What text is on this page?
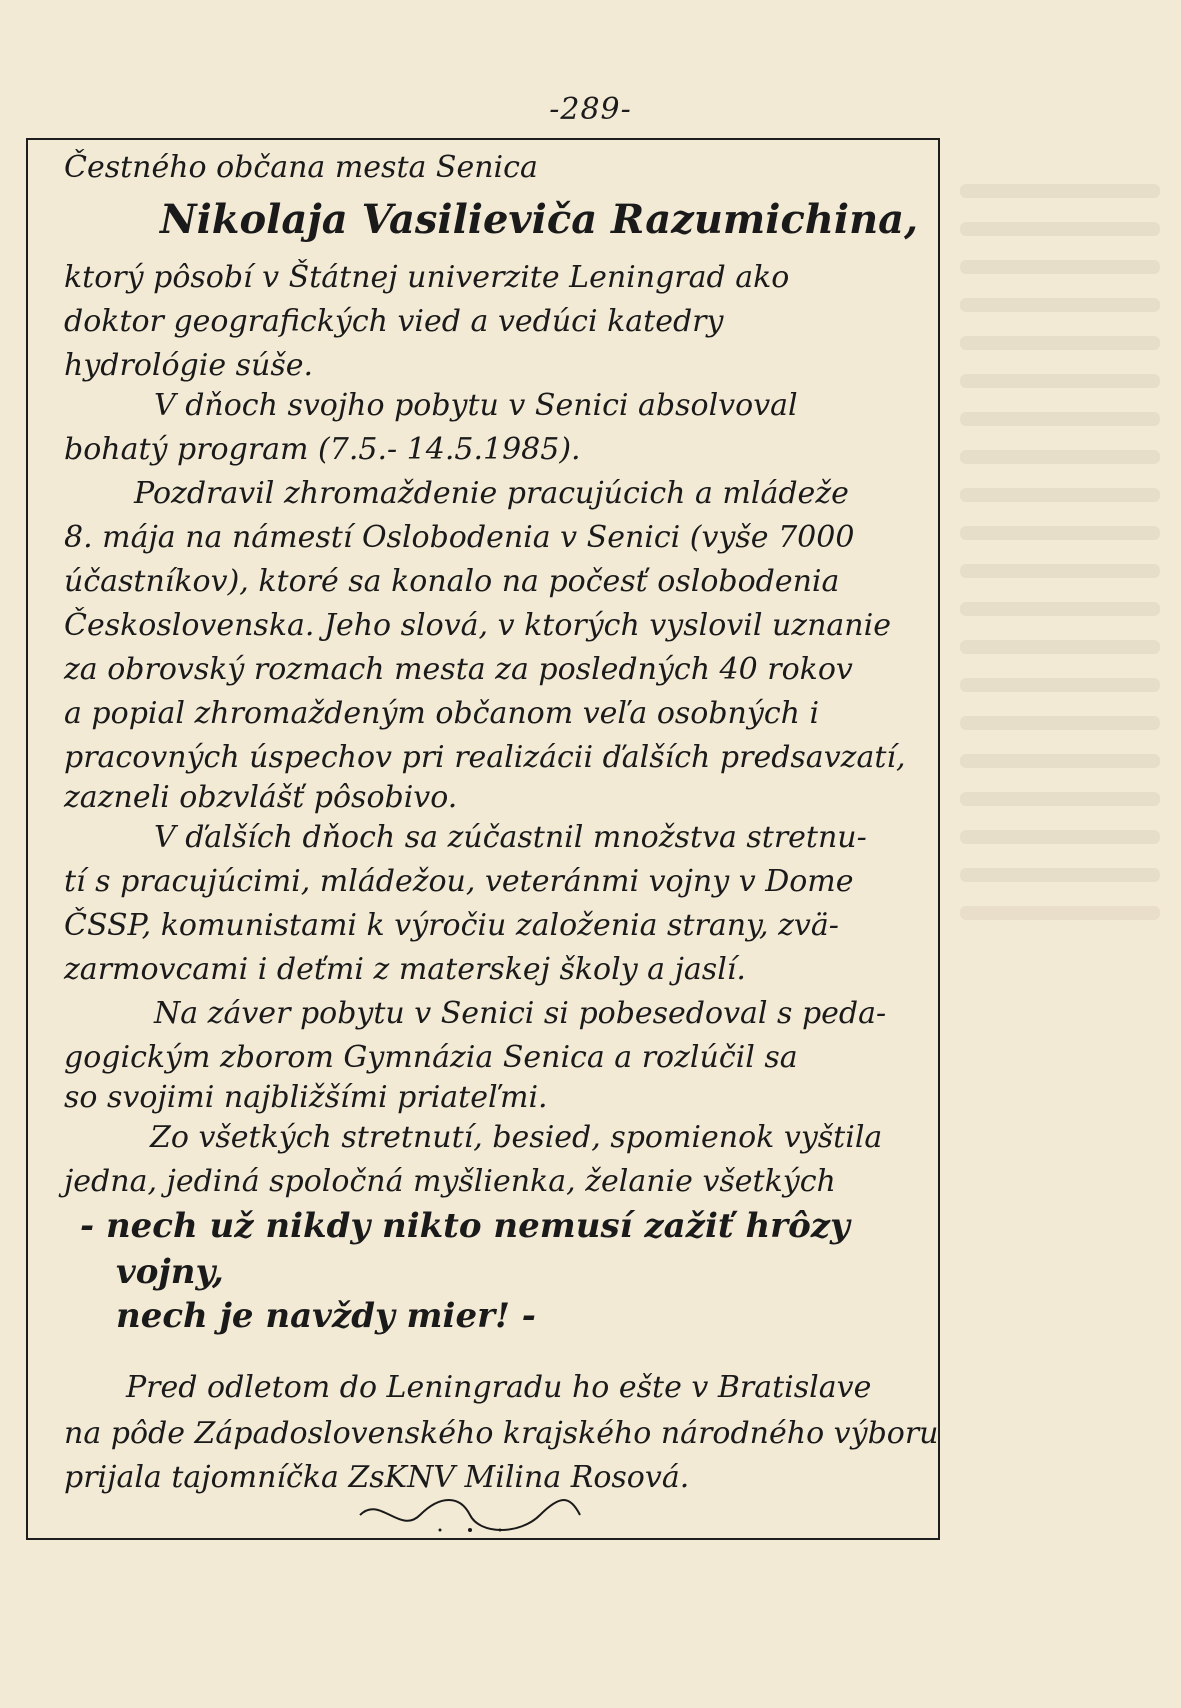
-289-
Čestného občana mesta Senica
Nikolaja Vasilieviča Razumichina,
ktorý pôsobí v Štátnej univerzite Leningrad ako
doktor geografických vied a vedúci katedry
hydrológie súše.
V dňoch svojho pobytu v Senici absolvoval
bohatý program (7.5.- 14.5.1985).
Pozdravil zhromaždenie pracujúcich a mládeže
8. mája na námestí Oslobodenia v Senici (vyše 7000
účastníkov), ktoré sa konalo na počesť oslobodenia
Československa. Jeho slová, v ktorých vyslovil uznanie
za obrovský rozmach mesta za posledných 40 rokov
a popial zhromaždeným občanom veľa osobných i
pracovných úspechov pri realizácii ďalších predsavzatí,
zazneli obzvlášť pôsobivo.
V ďalších dňoch sa zúčastnil množstva stretnu-
tí s pracujúcimi, mládežou, veteránmi vojny v Dome
ČSSP, komunistami k výročiu založenia strany, zvä-
zarmovcami i deťmi z materskej školy a jaslí.
Na záver pobytu v Senici si pobesedoval s peda-
gogickým zborom Gymnázia Senica a rozlúčil sa
so svojimi najbližšími priateľmi.
Zo všetkých stretnutí, besied, spomienok vyštila
jedna, jediná spoločná myšlienka, želanie všetkých
- nech už nikdy nikto nemusí zažiť hrôzy
vojny,
nech je navždy mier! -
Pred odletom do Leningradu ho ešte v Bratislave
na pôde Západoslovenského krajského národného výboru
prijala tajomníčka ZsKNV Milina Rosová.
